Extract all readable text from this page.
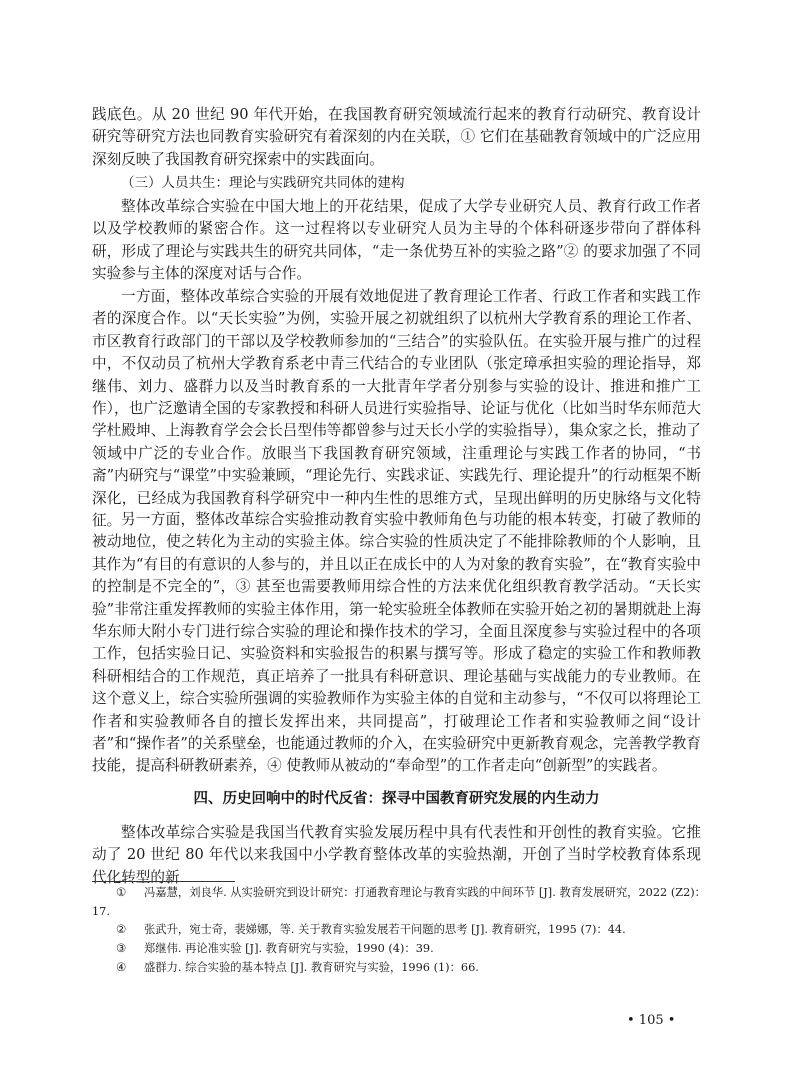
践底色。从 20 世纪 90 年代开始，在我国教育研究领域流行起来的教育行动研究、教育设计研究等研究方法也同教育实验研究有着深刻的内在关联，① 它们在基础教育领域中的广泛应用深刻反映了我国教育研究探索中的实践面向。

（三）人员共生：理论与实践研究共同体的建构

整体改革综合实验在中国大地上的开花结果，促成了大学专业研究人员、教育行政工作者以及学校教师的紧密合作。这一过程将以专业研究人员为主导的个体科研逐步带向了群体科研，形成了理论与实践共生的研究共同体，“走一条优势互补的实验之路”② 的要求加强了不同实验参与主体的深度对话与合作。

一方面，整体改革综合实验的开展有效地促进了教育理论工作者、行政工作者和实践工作者的深度合作。以“天长实验”为例，实验开展之初就组织了以杭州大学教育系的理论工作者、市区教育行政部门的干部以及学校教师参加的“三结合”的实验队伍。在实验开展与推广的过程中，不仅动员了杭州大学教育系老中青三代结合的专业团队（张定璋承担实验的理论指导，郑继伟、刘力、盛群力以及当时教育系的一大批青年学者分别参与实验的设计、推进和推广工作），也广泛邀请全国的专家教授和科研人员进行实验指导、论证与优化（比如当时华东师范大学杜殿坤、上海教育学会会长吕型伟等都曾参与过天长小学的实验指导），集众家之长，推动了领域中广泛的专业合作。放眼当下我国教育研究领域，注重理论与实践工作者的协同，“书斋”内研究与“课堂”中实验兼顾，“理论先行、实践求证、实践先行、理论提升”的行动框架不断深化，已经成为我国教育科学研究中一种内生性的思维方式，呈现出鲜明的历史脉络与文化特征。 另一方面，整体改革综合实验推动教育实验中教师角色与功能的根本转变，打破了教师的被动地位，使之转化为主动的实验主体。综合实验的性质决定了不能排除教师的个人影响，且其作为“有目的有意识的人参与的，并且以正在成长中的人为对象的教育实验”，在“教育实验中的控制是不完全的”，③ 甚至也需要教师用综合性的方法来优化组织教育教学活动。“天长实验”非常注重发挥教师的实验主体作用，第一轮实验班全体教师在实验开始之初的暑期就赴上海华东师大附小专门进行综合实验的理论和操作技术的学习，全面且深度参与实验过程中的各项工作，包括实验日记、实验资料和实验报告的积累与撰写等。形成了稳定的实验工作和教师教科研相结合的工作规范，真正培养了一批具有科研意识、理论基础与实战能力的专业教师。在这个意义上，综合实验所强调的实验教师作为实验主体的自觉和主动参与，“不仅可以将理论工作者和实验教师各自的擅长发挥出来，共同提高”，打破理论工作者和实验教师之间“设计者”和“操作者”的关系壁垒，也能通过教师的介入，在实验研究中更新教育观念，完善教学教育技能，提高科研教研素养，④ 使教师从被动的“奉命型”的工作者走向“创新型”的实践者。

四、历史回响中的时代反省：探寻中国教育研究发展的内生动力

整体改革综合实验是我国当代教育实验发展历程中具有代表性和开创性的教育实验。它推动了 20 世纪 80 年代以来我国中小学教育整体改革的实验热潮，开创了当时学校教育体系现代化转型的新

① 冯嘉慧，刘良华. 从实验研究到设计研究：打通教育理论与教育实践的中间环节 [J]. 教育发展研究，2022 (Z2)：17.

② 张武升，宛士奇，裴娣娜，等. 关于教育实验发展若干问题的思考 [J]. 教育研究，1995 (7)：44.

③ 郑继伟. 再论准实验 [J]. 教育研究与实验，1990 (4)：39.

④ 盛群力. 综合实验的基本特点 [J]. 教育研究与实验，1996 (1)：66.

• 105 •
